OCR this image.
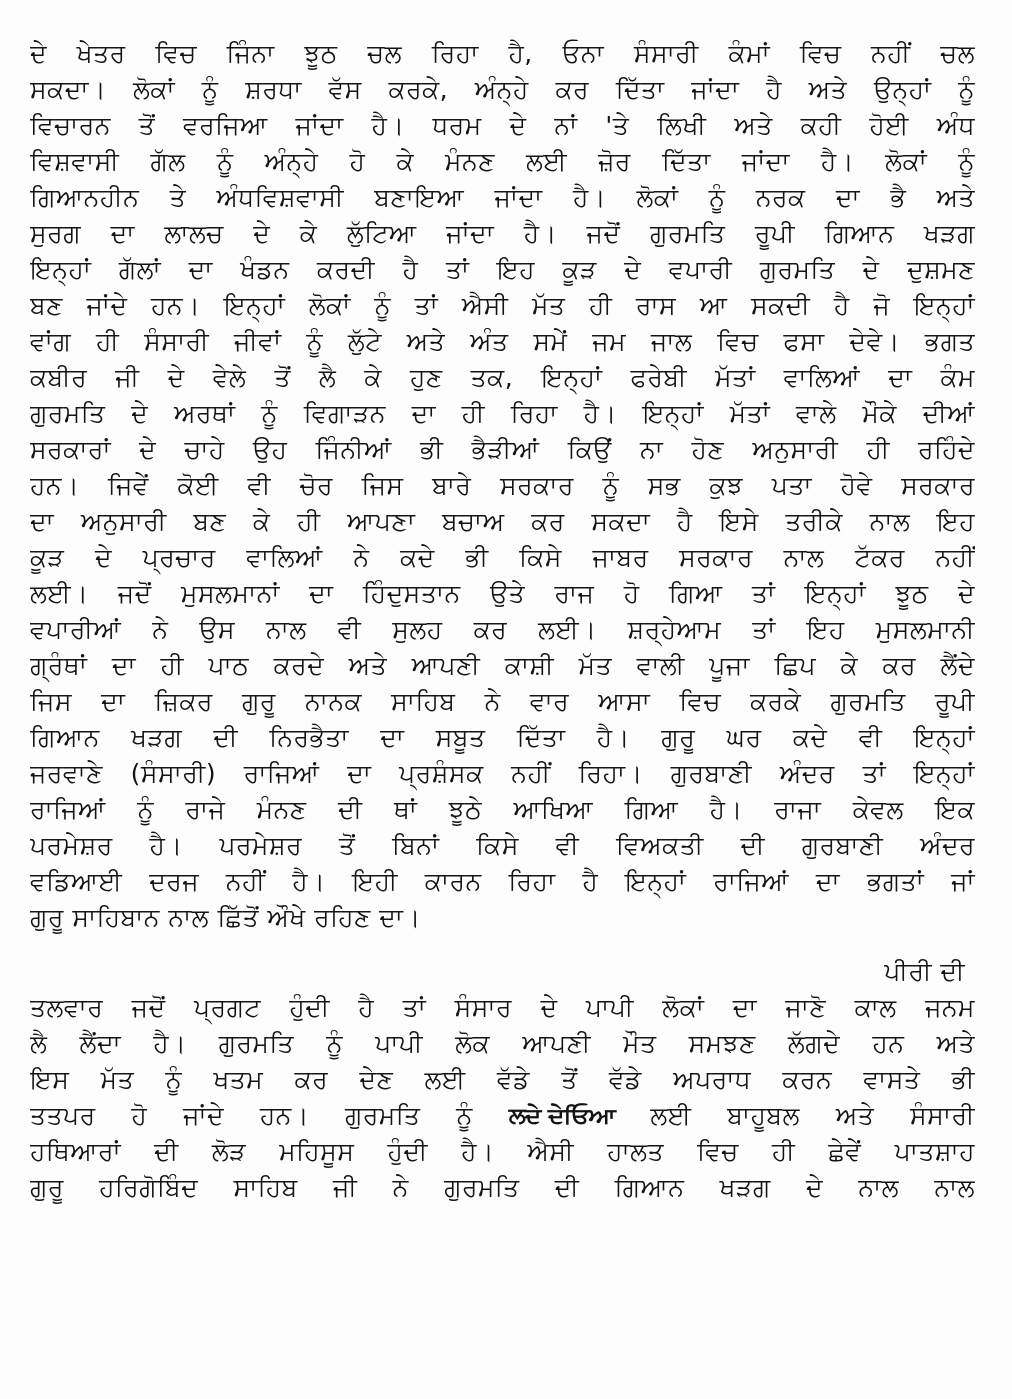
ਦੇ ਖੇਤਰ ਵਿਚ ਜਿੰਨਾ ਝੂਠ ਚਲ ਰਿਹਾ ਹੈ, ਓਨਾ ਸੰਸਾਰੀ ਕੰਮਾਂ ਵਿਚ ਨਹੀਂ ਚਲ
ਸਕਦਾ। ਲੋਕਾਂ ਨੂੰ ਸ਼ਰਧਾ ਵੱਸ ਕਰਕੇ, ਅੰਨ੍ਹੇ ਕਰ ਦਿੱਤਾ ਜਾਂਦਾ ਹੈ ਅਤੇ ਉਨ੍ਹਾਂ ਨੂੰ
ਵਿਚਾਰਨ ਤੋਂ ਵਰਜਿਆ ਜਾਂਦਾ ਹੈ। ਧਰਮ ਦੇ ਨਾਂ 'ਤੇ ਲਿਖੀ ਅਤੇ ਕਹੀ ਹੋਈ ਅੰਧ
ਵਿਸ਼ਵਾਸੀ ਗੱਲ ਨੂੰ ਅੰਨ੍ਹੇ ਹੋ ਕੇ ਮੰਨਣ ਲਈ ਜ਼ੋਰ ਦਿੱਤਾ ਜਾਂਦਾ ਹੈ। ਲੋਕਾਂ ਨੂੰ
ਗਿਆਨਹੀਨ ਤੇ ਅੰਧਵਿਸ਼ਵਾਸੀ ਬਣਾਇਆ ਜਾਂਦਾ ਹੈ। ਲੋਕਾਂ ਨੂੰ ਨਰਕ ਦਾ ਭੈ ਅਤੇ
ਸੁਰਗ ਦਾ ਲਾਲਚ ਦੇ ਕੇ ਲੁੱਟਿਆ ਜਾਂਦਾ ਹੈ। ਜਦੋਂ ਗੁਰਮਤਿ ਰੂਪੀ ਗਿਆਨ ਖੜਗ
ਇਨ੍ਹਾਂ ਗੱਲਾਂ ਦਾ ਖੰਡਨ ਕਰਦੀ ਹੈ ਤਾਂ ਇਹ ਕੂੜ ਦੇ ਵਪਾਰੀ ਗੁਰਮਤਿ ਦੇ ਦੁਸ਼ਮਣ
ਬਣ ਜਾਂਦੇ ਹਨ। ਇਨ੍ਹਾਂ ਲੋਕਾਂ ਨੂੰ ਤਾਂ ਐਸੀ ਮੱਤ ਹੀ ਰਾਸ ਆ ਸਕਦੀ ਹੈ ਜੋ ਇਨ੍ਹਾਂ
ਵਾਂਗ ਹੀ ਸੰਸਾਰੀ ਜੀਵਾਂ ਨੂੰ ਲੁੱਟੇ ਅਤੇ ਅੰਤ ਸਮੇਂ ਜਮ ਜਾਲ ਵਿਚ ਫਸਾ ਦੇਵੇ। ਭਗਤ
ਕਬੀਰ ਜੀ ਦੇ ਵੇਲੇ ਤੋਂ ਲੈ ਕੇ ਹੁਣ ਤਕ, ਇਨ੍ਹਾਂ ਫਰੇਬੀ ਮੱਤਾਂ ਵਾਲਿਆਂ ਦਾ ਕੰਮ
ਗੁਰਮਤਿ ਦੇ ਅਰਥਾਂ ਨੂੰ ਵਿਗਾੜਨ ਦਾ ਹੀ ਰਿਹਾ ਹੈ। ਇਨ੍ਹਾਂ ਮੱਤਾਂ ਵਾਲੇ ਮੌਕੇ ਦੀਆਂ
ਸਰਕਾਰਾਂ ਦੇ ਚਾਹੇ ਉਹ ਜਿੰਨੀਆਂ ਭੀ ਭੈੜੀਆਂ ਕਿਉਂ ਨਾ ਹੋਣ ਅਨੁਸਾਰੀ ਹੀ ਰਹਿੰਦੇ
ਹਨ। ਜਿਵੇਂ ਕੋਈ ਵੀ ਚੋਰ ਜਿਸ ਬਾਰੇ ਸਰਕਾਰ ਨੂੰ ਸਭ ਕੁਝ ਪਤਾ ਹੋਵੇ ਸਰਕਾਰ
ਦਾ ਅਨੁਸਾਰੀ ਬਣ ਕੇ ਹੀ ਆਪਣਾ ਬਚਾਅ ਕਰ ਸਕਦਾ ਹੈ ਇਸੇ ਤਰੀਕੇ ਨਾਲ ਇਹ
ਕੂੜ ਦੇ ਪ੍ਰਚਾਰ ਵਾਲਿਆਂ ਨੇ ਕਦੇ ਭੀ ਕਿਸੇ ਜਾਬਰ ਸਰਕਾਰ ਨਾਲ ਟੱਕਰ ਨਹੀਂ
ਲਈ। ਜਦੋਂ ਮੁਸਲਮਾਨਾਂ ਦਾ ਹਿੰਦੁਸਤਾਨ ਉਤੇ ਰਾਜ ਹੋ ਗਿਆ ਤਾਂ ਇਨ੍ਹਾਂ ਝੂਠ ਦੇ
ਵਪਾਰੀਆਂ ਨੇ ਉਸ ਨਾਲ ਵੀ ਸੁਲਹ ਕਰ ਲਈ। ਸ਼ਰ੍ਹੇਆਮ ਤਾਂ ਇਹ ਮੁਸਲਮਾਨੀ
ਗ੍ਰੰਥਾਂ ਦਾ ਹੀ ਪਾਠ ਕਰਦੇ ਅਤੇ ਆਪਣੀ ਕਾਸ਼ੀ ਮੱਤ ਵਾਲੀ ਪੂਜਾ ਛਿਪ ਕੇ ਕਰ ਲੈਂਦੇ
ਜਿਸ ਦਾ ਜ਼ਿਕਰ ਗੁਰੂ ਨਾਨਕ ਸਾਹਿਬ ਨੇ ਵਾਰ ਆਸਾ ਵਿਚ ਕਰਕੇ ਗੁਰਮਤਿ ਰੂਪੀ
ਗਿਆਨ ਖੜਗ ਦੀ ਨਿਰਭੈਤਾ ਦਾ ਸਬੂਤ ਦਿੱਤਾ ਹੈ। ਗੁਰੂ ਘਰ ਕਦੇ ਵੀ ਇਨ੍ਹਾਂ
ਜਰਵਾਣੇ (ਸੰਸਾਰੀ) ਰਾਜਿਆਂ ਦਾ ਪ੍ਰਸ਼ੰਸਕ ਨਹੀਂ ਰਿਹਾ। ਗੁਰਬਾਣੀ ਅੰਦਰ ਤਾਂ ਇਨ੍ਹਾਂ
ਰਾਜਿਆਂ ਨੂੰ ਰਾਜੇ ਮੰਨਣ ਦੀ ਥਾਂ ਝੂਠੇ ਆਖਿਆ ਗਿਆ ਹੈ। ਰਾਜਾ ਕੇਵਲ ਇਕ
ਪਰਮੇਸ਼ਰ ਹੈ। ਪਰਮੇਸ਼ਰ ਤੋਂ ਬਿਨਾਂ ਕਿਸੇ ਵੀ ਵਿਅਕਤੀ ਦੀ ਗੁਰਬਾਣੀ ਅੰਦਰ
ਵਡਿਆਈ ਦਰਜ ਨਹੀਂ ਹੈ। ਇਹੀ ਕਾਰਨ ਰਿਹਾ ਹੈ ਇਨ੍ਹਾਂ ਰਾਜਿਆਂ ਦਾ ਭਗਤਾਂ ਜਾਂ
ਗੁਰੂ ਸਾਹਿਬਾਨ ਨਾਲ ਛਿੱਤੋਂ ਔਖੇ ਰਹਿਣ ਦਾ।
ਪੀਰੀ ਦੀ
ਤਲਵਾਰ ਜਦੋਂ ਪ੍ਰਗਟ ਹੁੰਦੀ ਹੈ ਤਾਂ ਸੰਸਾਰ ਦੇ ਪਾਪੀ ਲੋਕਾਂ ਦਾ ਜਾਣੋ ਕਾਲ ਜਨਮ
ਲੈ ਲੈਂਦਾ ਹੈ। ਗੁਰਮਤਿ ਨੂੰ ਪਾਪੀ ਲੋਕ ਆਪਣੀ ਮੌਤ ਸਮਝਣ ਲੱਗਦੇ ਹਨ ਅਤੇ
ਇਸ ਮੱਤ ਨੂੰ ਖਤਮ ਕਰ ਦੇਣ ਲਈ ਵੱਡੇ ਤੋਂ ਵੱਡੇ ਅਪਰਾਧ ਕਰਨ ਵਾਸਤੇ ਭੀ
ਤਤਪਰ ਹੋ ਜਾਂਦੇ ਹਨ। ਗੁਰਮਤਿ ਨੂੰ ਲਦੇ ਦੇਓਿਆ ਲਈ ਬਾਹੂਬਲ ਅਤੇ ਸੰਸਾਰੀ
ਹਥਿਆਰਾਂ ਦੀ ਲੋੜ ਮਹਿਸੂਸ ਹੁੰਦੀ ਹੈ। ਐਸੀ ਹਾਲਤ ਵਿਚ ਹੀ ਛੇਵੇਂ ਪਾਤਸ਼ਾਹ
ਗੁਰੂ ਹਰਿਗੋਬਿੰਦ ਸਾਹਿਬ ਜੀ ਨੇ ਗੁਰਮਤਿ ਦੀ ਗਿਆਨ ਖੜਗ ਦੇ ਨਾਲ ਨਾਲ
